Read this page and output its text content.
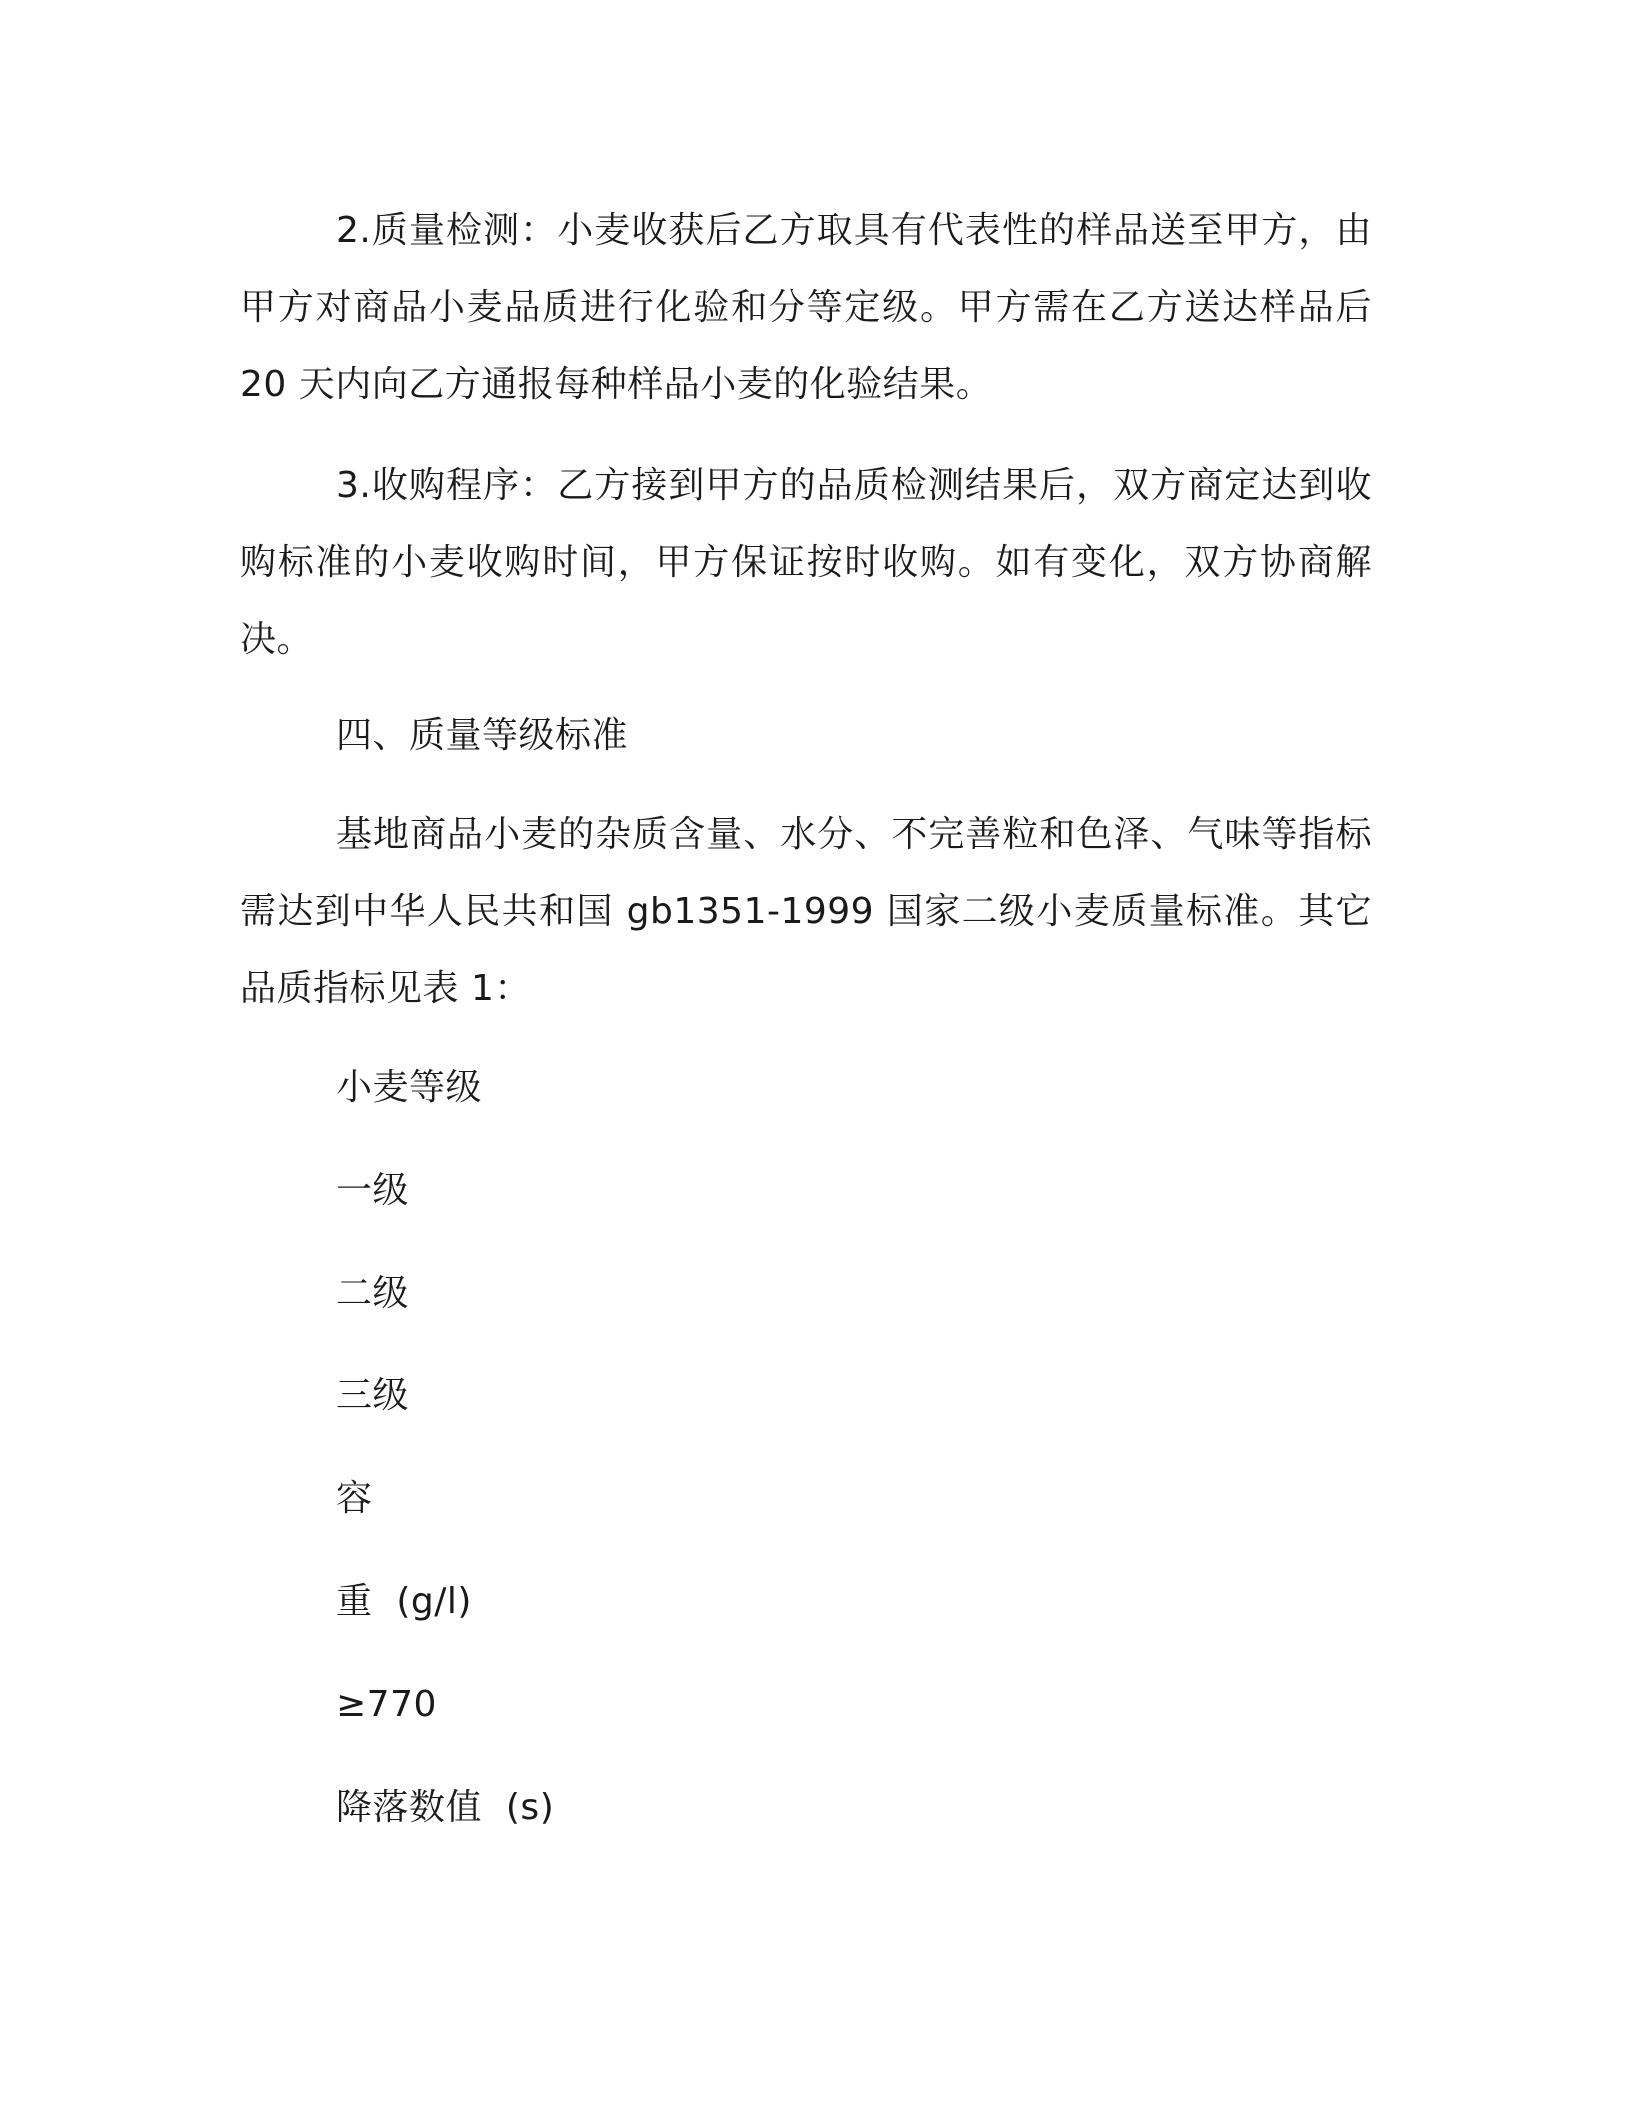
2.质量检测：小麦收获后乙方取具有代表性的样品送至甲方，由甲方对商品小麦品质进行化验和分等定级。甲方需在乙方送达样品后20 天内向乙方通报每种样品小麦的化验结果。

3.收购程序：乙方接到甲方的品质检测结果后，双方商定达到收购标准的小麦收购时间，甲方保证按时收购。如有变化，双方协商解决。

四、质量等级标准

基地商品小麦的杂质含量、水分、不完善粒和色泽、气味等指标需达到中华人民共和国 gb1351-1999 国家二级小麦质量标准。其它品质指标见表 1：

小麦等级

一级

二级

三级

容

重  (g/l)

≥770

降落数值  (s)
